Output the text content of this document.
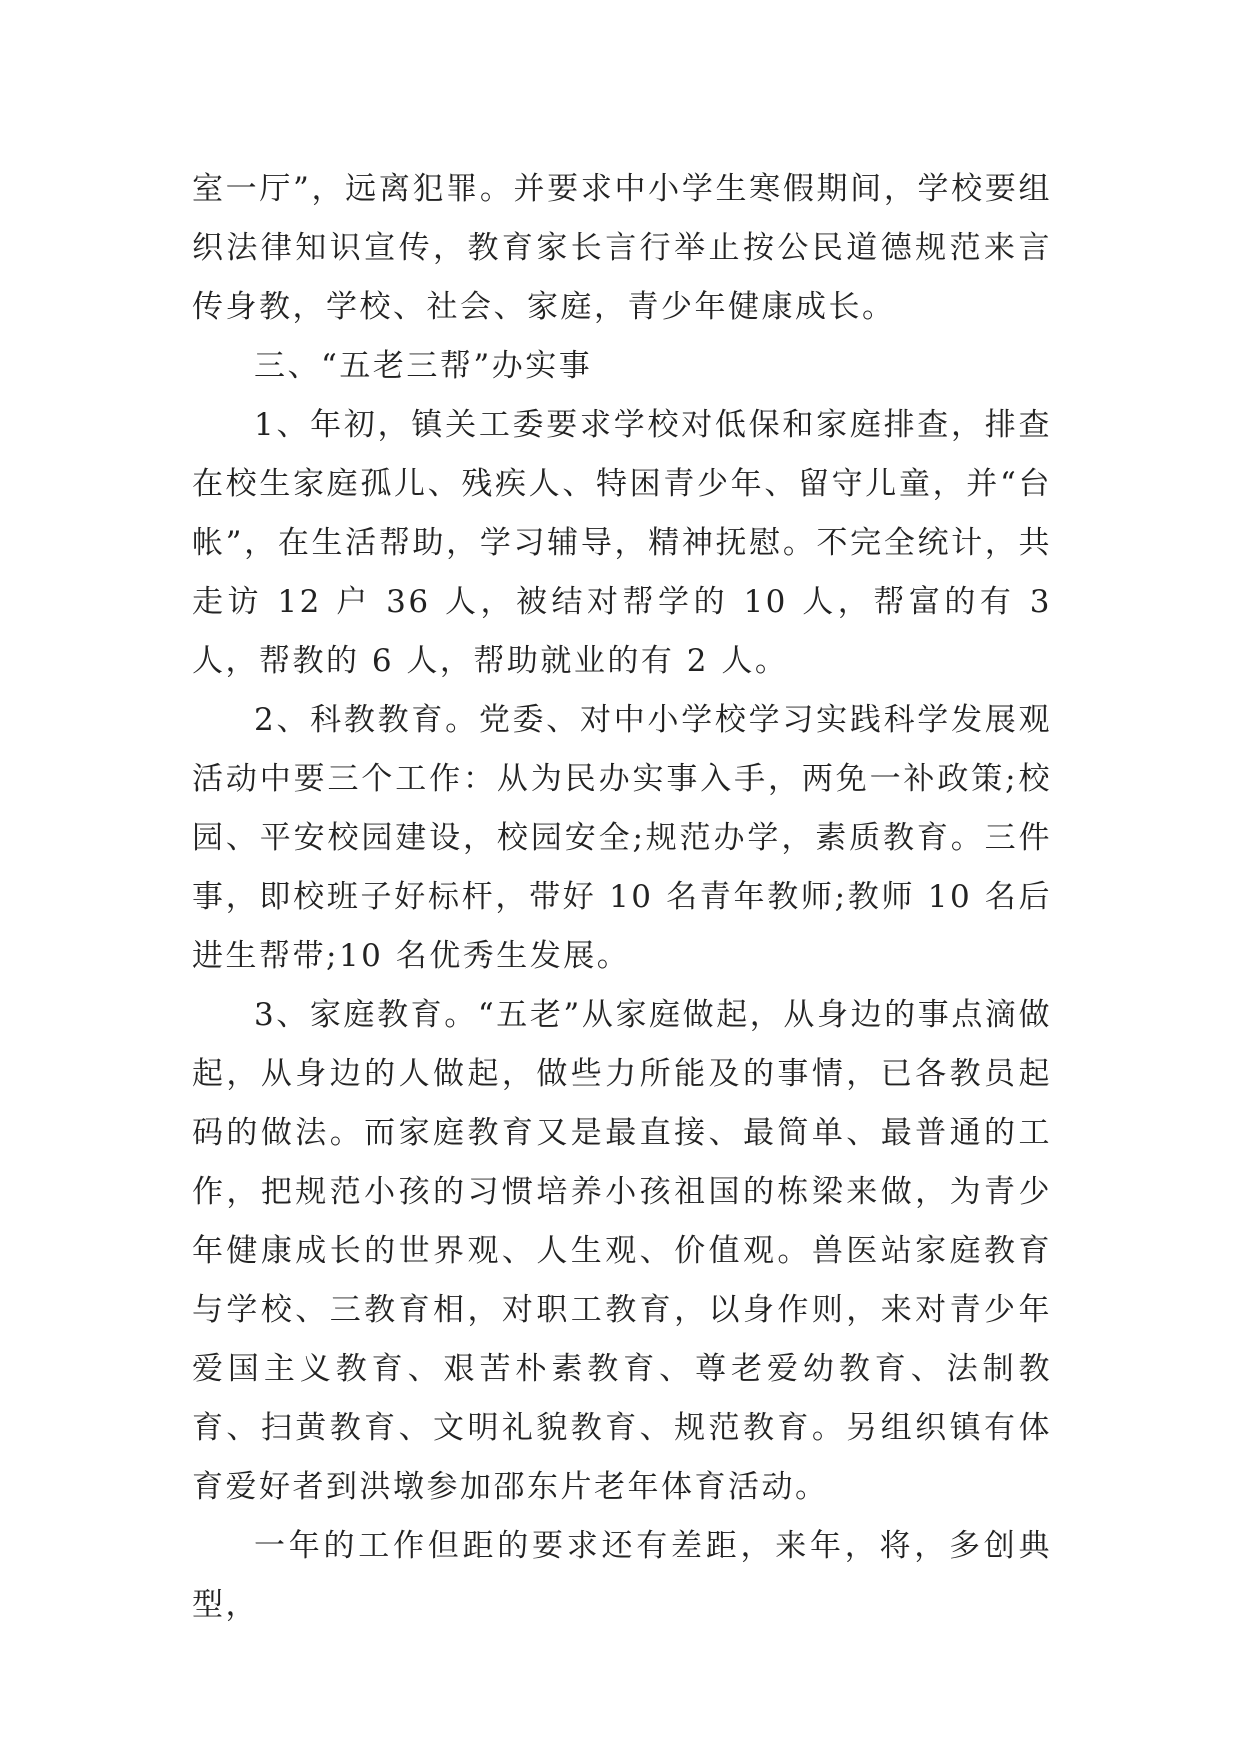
室一厅”，远离犯罪。并要求中小学生寒假期间，学校要组织法律知识宣传，教育家长言行举止按公民道德规范来言传身教，学校、社会、家庭，青少年健康成长。

三、“五老三帮”办实事

1、年初，镇关工委要求学校对低保和家庭排查，排查在校生家庭孤儿、残疾人、特困青少年、留守儿童，并“台帐”，在生活帮助，学习辅导，精神抚慰。不完全统计，共走访 12 户 36 人，被结对帮学的 10 人，帮富的有 3 人，帮教的 6 人，帮助就业的有 2 人。

2、科教教育。党委、对中小学校学习实践科学发展观活动中要三个工作：从为民办实事入手，两免一补政策;校园、平安校园建设，校园安全;规范办学，素质教育。三件事，即校班子好标杆，带好 10 名青年教师;教师 10 名后进生帮带;10 名优秀生发展。

3、家庭教育。“五老”从家庭做起，从身边的事点滴做起，从身边的人做起，做些力所能及的事情，已各教员起码的做法。而家庭教育又是最直接、最简单、最普通的工作，把规范小孩的习惯培养小孩祖国的栋梁来做，为青少年健康成长的世界观、人生观、价值观。兽医站家庭教育与学校、三教育相，对职工教育，以身作则，来对青少年爱国主义教育、艰苦朴素教育、尊老爱幼教育、法制教育、扫黄教育、文明礼貌教育、规范教育。另组织镇有体育爱好者到洪墩参加邵东片老年体育活动。

一年的工作但距的要求还有差距，来年，将，多创典型，
